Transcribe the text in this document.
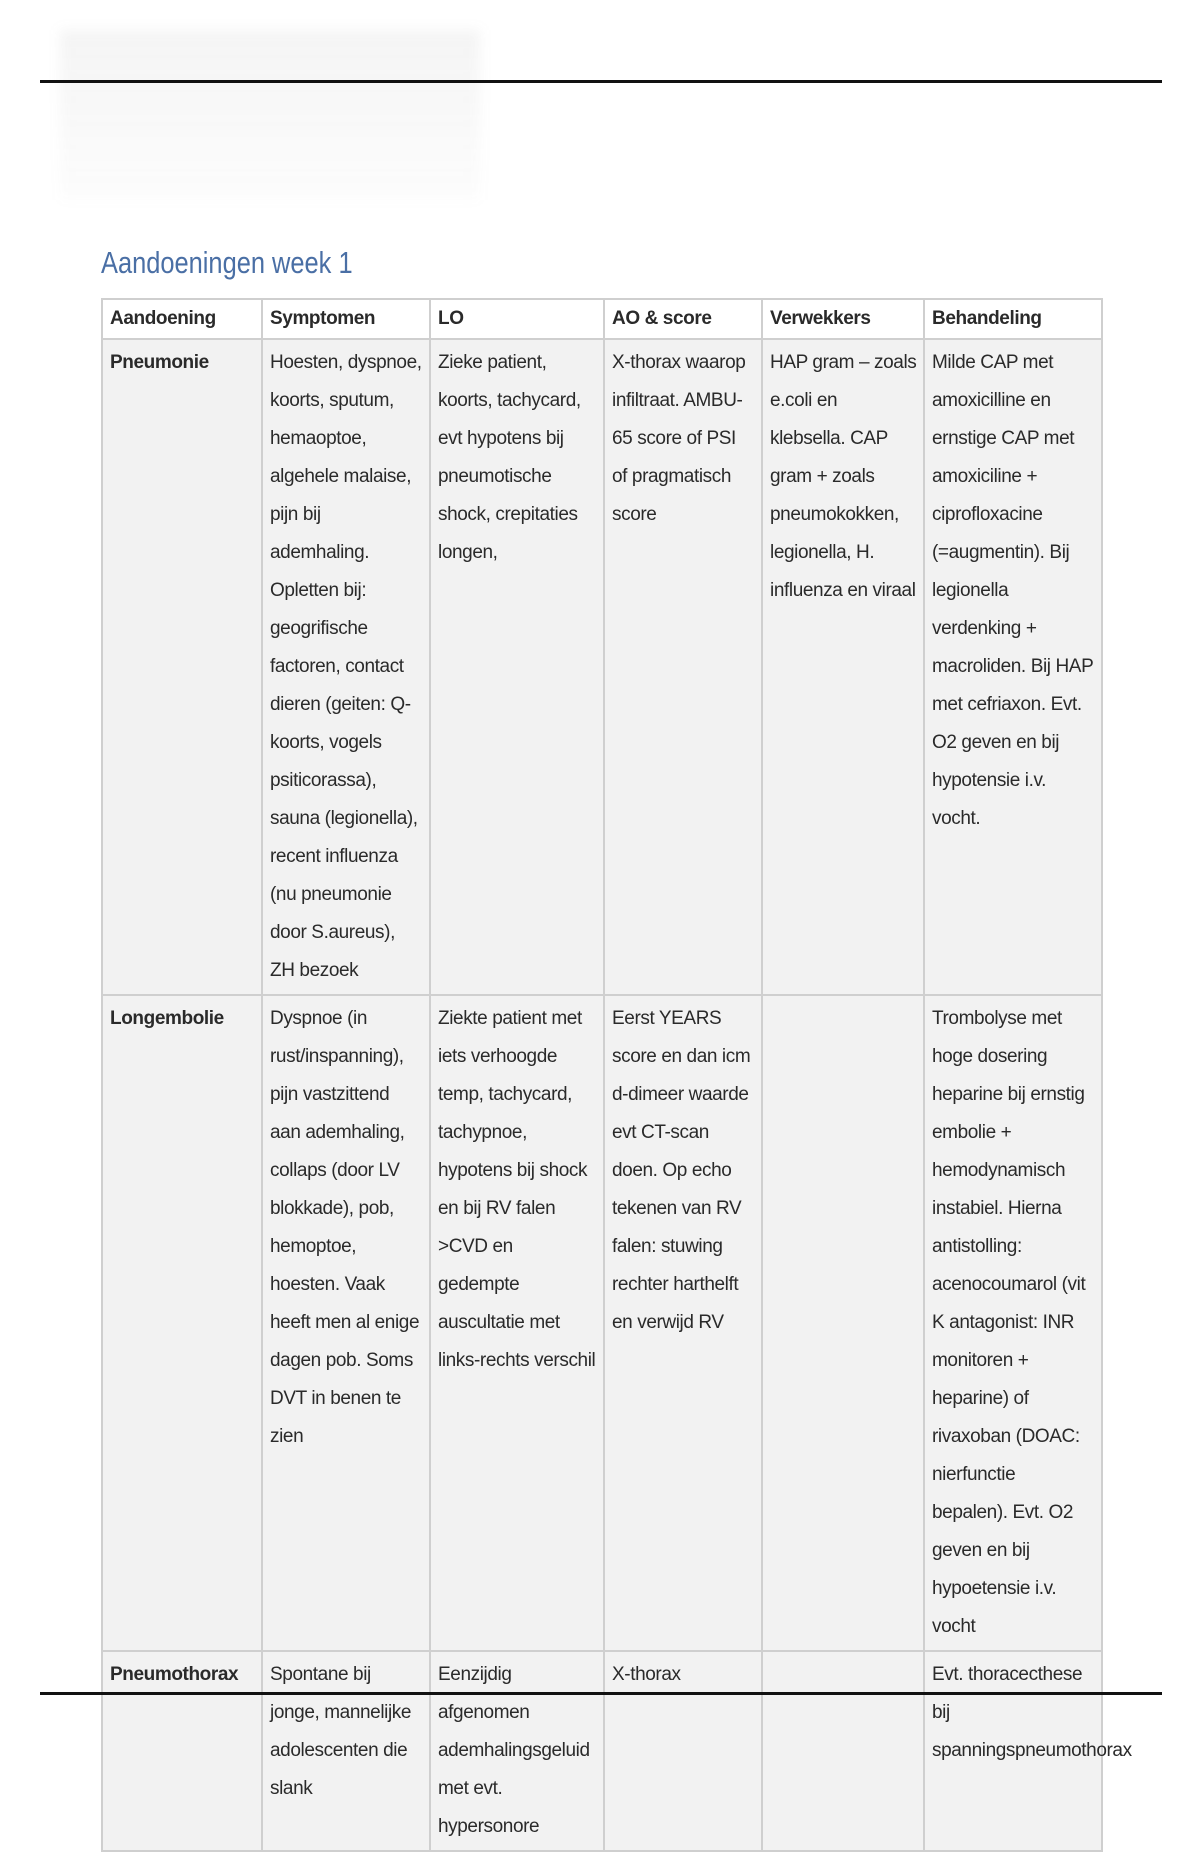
Aandoeningen week 1
Aandoening	Symptomen	LO	AO & score	Verwekkers	Behandeling
Pneumonie	Hoesten, dyspnoe, koorts, sputum, hemaoptoe, algehele malaise, pijn bij ademhaling. Opletten bij: geogrifische factoren, contact dieren (geiten: Q-koorts, vogels psiticorassa), sauna (legionella), recent influenza (nu pneumonie door S.aureus), ZH bezoek	Zieke patient, koorts, tachycard, evt hypotens bij pneumotische shock, crepitaties longen,	X-thorax waarop infiltraat. AMBU-65 score of PSI of pragmatisch score	HAP gram – zoals e.coli en klebsella. CAP gram + zoals pneumokokken, legionella, H. influenza en viraal	Milde CAP met amoxicilline en ernstige CAP met amoxiciline + ciprofloxacine (=augmentin). Bij legionella verdenking + macroliden. Bij HAP met cefriaxon. Evt. O2 geven en bij hypotensie i.v. vocht.
Longembolie	Dyspnoe (in rust/inspanning), pijn vastzittend aan ademhaling, collaps (door LV blokkade), pob, hemoptoe, hoesten. Vaak heeft men al enige dagen pob. Soms DVT in benen te zien	Ziekte patient met iets verhoogde temp, tachycard, tachypnoe, hypotens bij shock en bij RV falen >CVD en gedempte auscultatie met links-rechts verschil	Eerst YEARS score en dan icm d-dimeer waarde evt CT-scan doen. Op echo tekenen van RV falen: stuwing rechter harthelft en verwijd RV		Trombolyse met hoge dosering heparine bij ernstig embolie + hemodynamisch instabiel. Hierna antistolling: acenocoumarol (vit K antagonist: INR monitoren + heparine) of rivaxoban (DOAC: nierfunctie bepalen). Evt. O2 geven en bij hypoetensie i.v. vocht
Pneumothorax	Spontane bij jonge, mannelijke adolescenten die slank	Eenzijdig afgenomen ademhalingsgeluid met evt. hypersonore	X-thorax		Evt. thoracecthese bij spanningspneumothorax
